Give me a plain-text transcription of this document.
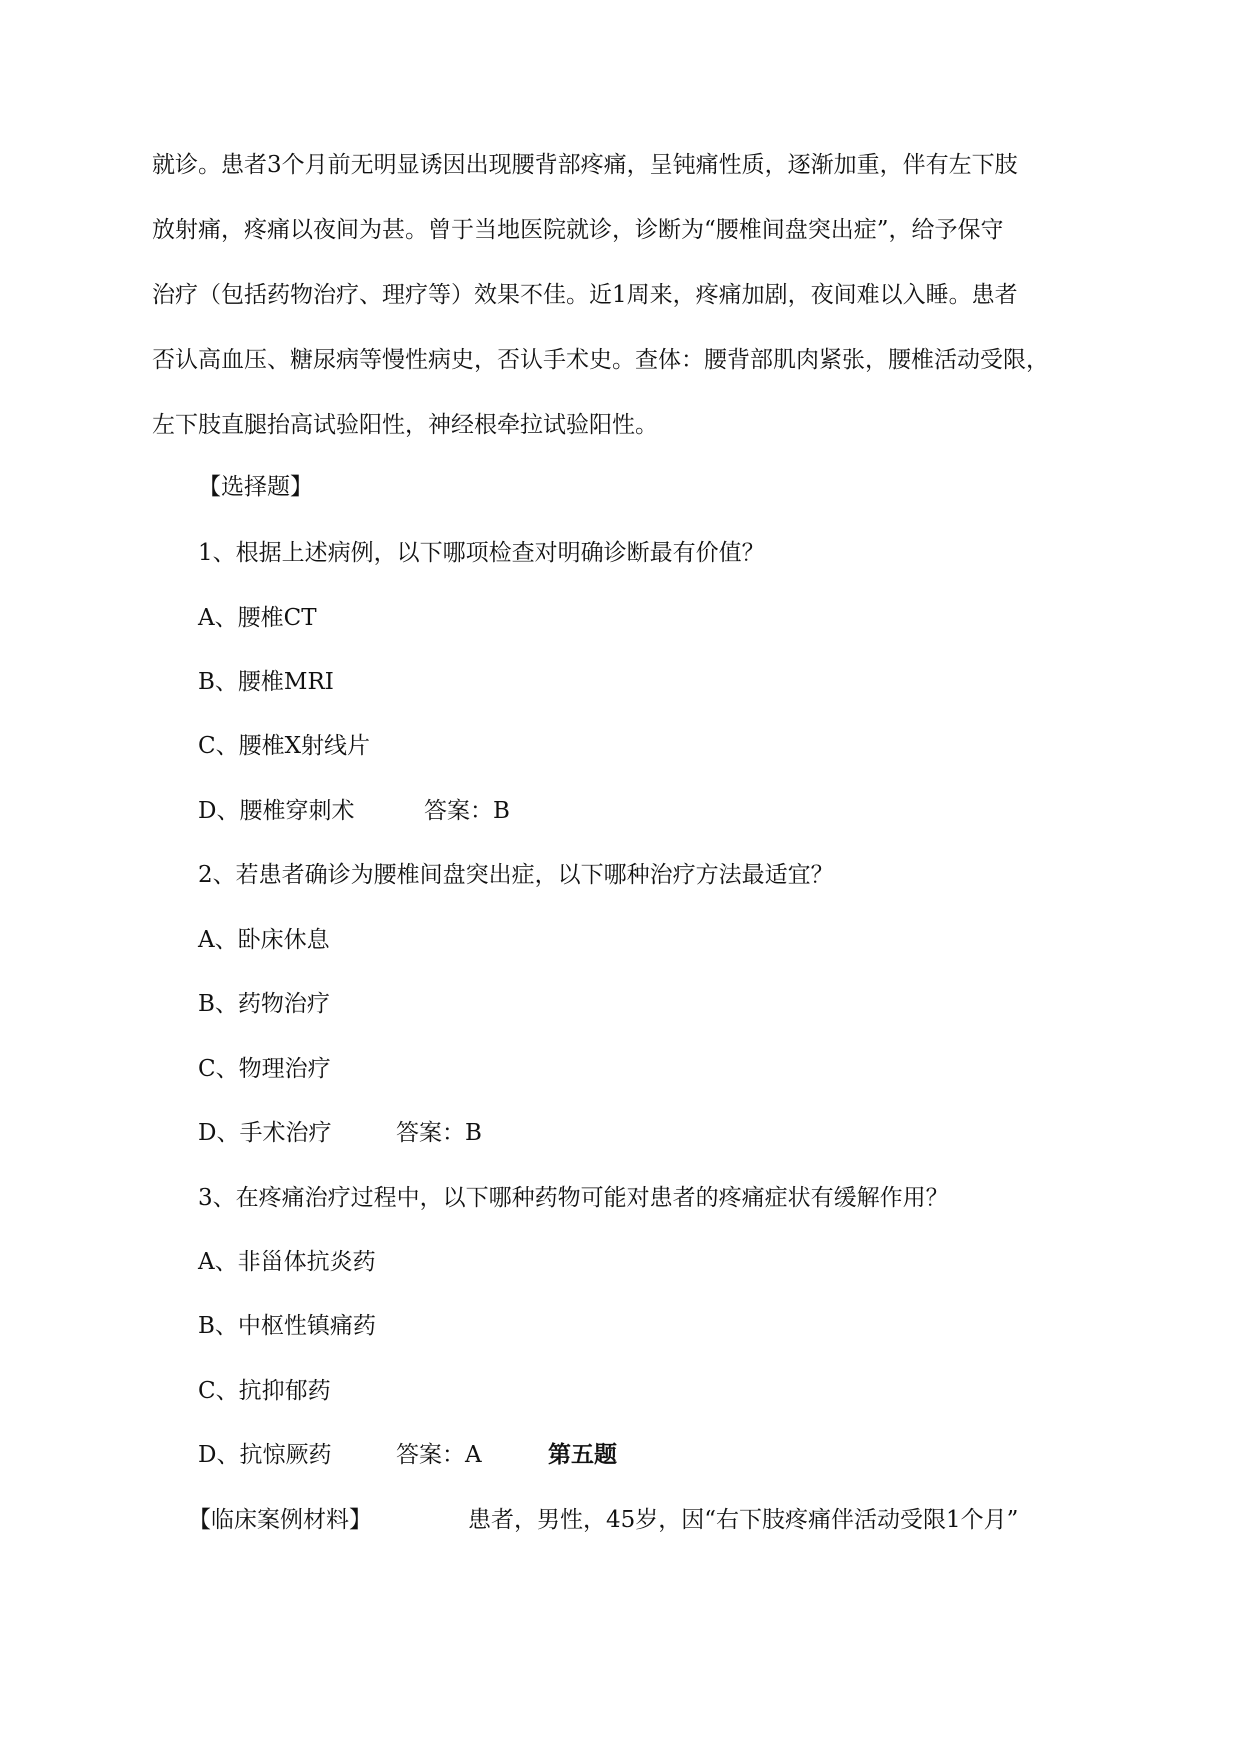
就诊。患者3个月前无明显诱因出现腰背部疼痛，呈钝痛性质，逐渐加重，伴有左下肢
放射痛，疼痛以夜间为甚。曾于当地医院就诊，诊断为“腰椎间盘突出症”，给予保守
治疗（包括药物治疗、理疗等）效果不佳。近1周来，疼痛加剧，夜间难以入睡。患者
否认高血压、糖尿病等慢性病史，否认手术史。查体：腰背部肌肉紧张，腰椎活动受限，
左下肢直腿抬高试验阳性，神经根牵拉试验阳性。
【选择题】
1、根据上述病例，以下哪项检查对明确诊断最有价值？
A、腰椎CT
B、腰椎MRI
C、腰椎X射线片
D、腰椎穿刺术	答案：B
2、若患者确诊为腰椎间盘突出症，以下哪种治疗方法最适宜？
A、卧床休息
B、药物治疗
C、物理治疗
D、手术治疗	答案：B
3、在疼痛治疗过程中，以下哪种药物可能对患者的疼痛症状有缓解作用？
A、非甾体抗炎药
B、中枢性镇痛药
C、抗抑郁药
D、抗惊厥药	答案：A	第五题
【临床案例材料】	患者，男性，45岁，因“右下肢疼痛伴活动受限1个月”
